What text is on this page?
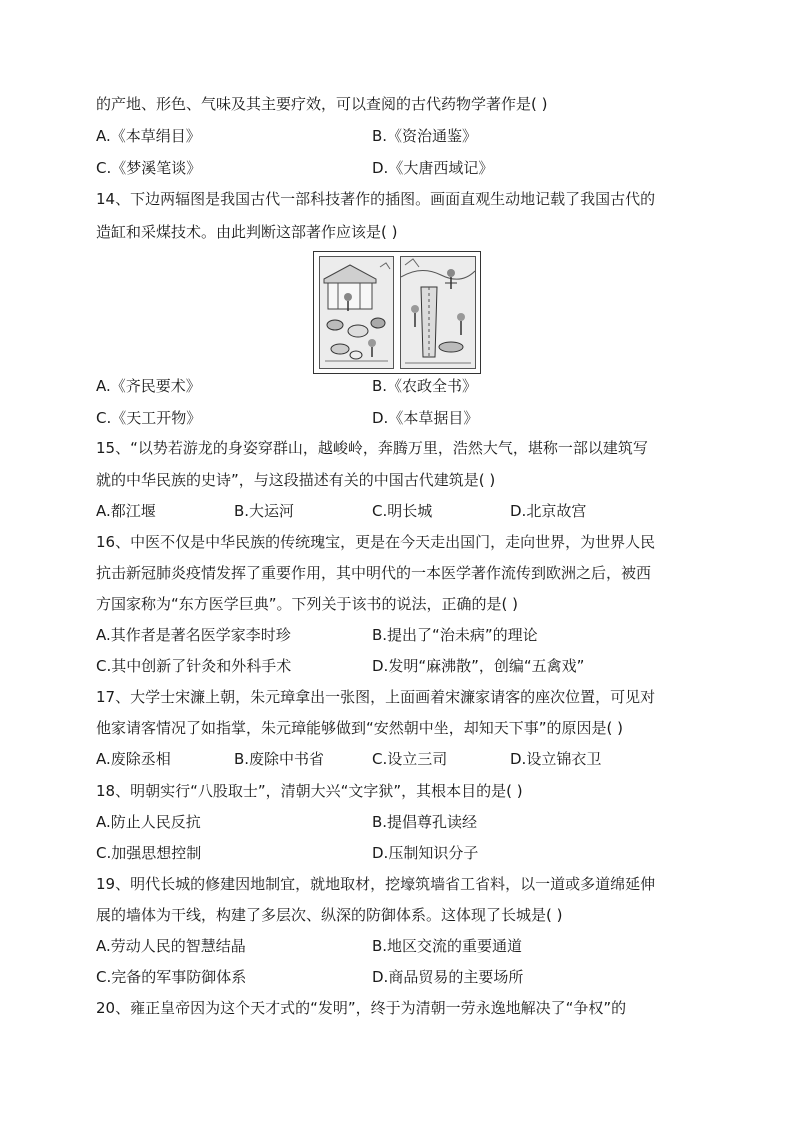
的产地、形色、气味及其主要疗效，可以查阅的古代药物学著作是( )
A.《本草绢目》	B.《资治通鉴》
C.《梦溪笔谈》	D.《大唐西域记》
14、下边两辐图是我国古代一部科技著作的插图。画面直观生动地记载了我国古代的
造缸和采煤技术。由此判断这部著作应该是( )
A.《齐民要术》	B.《农政全书》
C.《天工开物》	D.《本草据目》
15、“以势若游龙的身姿穿群山，越峻岭，奔腾万里，浩然大气，堪称一部以建筑写
就的中华民族的史诗”，与这段描述有关的中国古代建筑是( )
A.都江堰	B.大运河	C.明长城	D.北京故宫
16、中医不仅是中华民族的传统瑰宝，更是在今天走出国门，走向世界，为世界人民
抗击新冠肺炎疫情发挥了重要作用，其中明代的一本医学著作流传到欧洲之后，被西
方国家称为“东方医学巨典”。下列关于该书的说法，正确的是( )
A.其作者是著名医学家李时珍	B.提出了“治未病”的理论
C.其中创新了针灸和外科手术	D.发明“麻沸散”，创编“五禽戏”
17、大学士宋濂上朝，朱元璋拿出一张图，上面画着宋濂家请客的座次位置，可见对
他家请客情况了如指掌，朱元璋能够做到“安然朝中坐，却知天下事”的原因是( )
A.废除丞相	B.废除中书省	C.设立三司	D.设立锦衣卫
18、明朝实行“八股取士”，清朝大兴“文字狱”，其根本目的是( )
A.防止人民反抗	B.提倡尊孔读经
C.加强思想控制	D.压制知识分子
19、明代长城的修建因地制宜，就地取材，挖壕筑墙省工省料，以一道或多道绵延伸
展的墙体为干线，构建了多层次、纵深的防御体系。这体现了长城是( )
A.劳动人民的智慧结晶	B.地区交流的重要通道
C.完备的军事防御体系	D.商品贸易的主要场所
20、雍正皇帝因为这个天才式的“发明”，终于为清朝一劳永逸地解决了“争权”的
